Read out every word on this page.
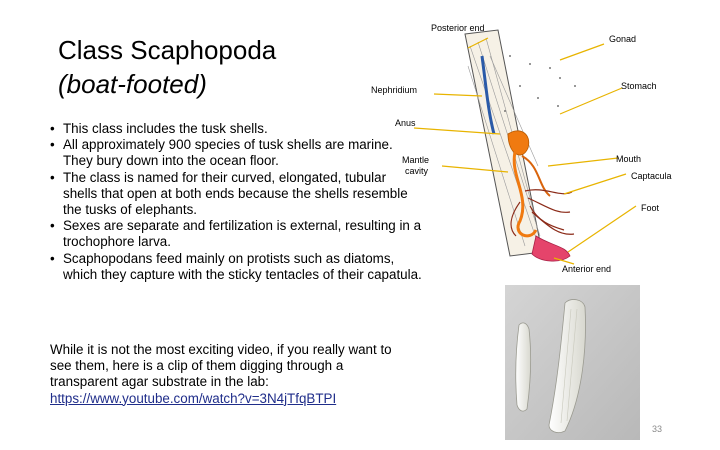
Class Scaphopoda
(boat-footed)
• This class includes the tusk shells.
• All approximately 900 species of tusk shells are marine. They bury down into the ocean floor.
• The class is named for their curved, elongated, tubular shells that open at both ends because the shells resemble the tusks of elephants.
• Sexes are separate and fertilization is external, resulting in a trochophore larva.
• Scaphopodans feed mainly on protists such as diatoms, which they capture with the sticky tentacles of their capatula.

While it is not the most exciting video, if you really want to see them, here is a clip of them digging through a transparent agar substrate in the lab: https://www.youtube.com/watch?v=3N4jTfqBTPI

Posterior end
Gonad
Nephridium	Stomach
Anus
Mantle
cavity
Mouth
Captacula
Foot
Anterior end
33
